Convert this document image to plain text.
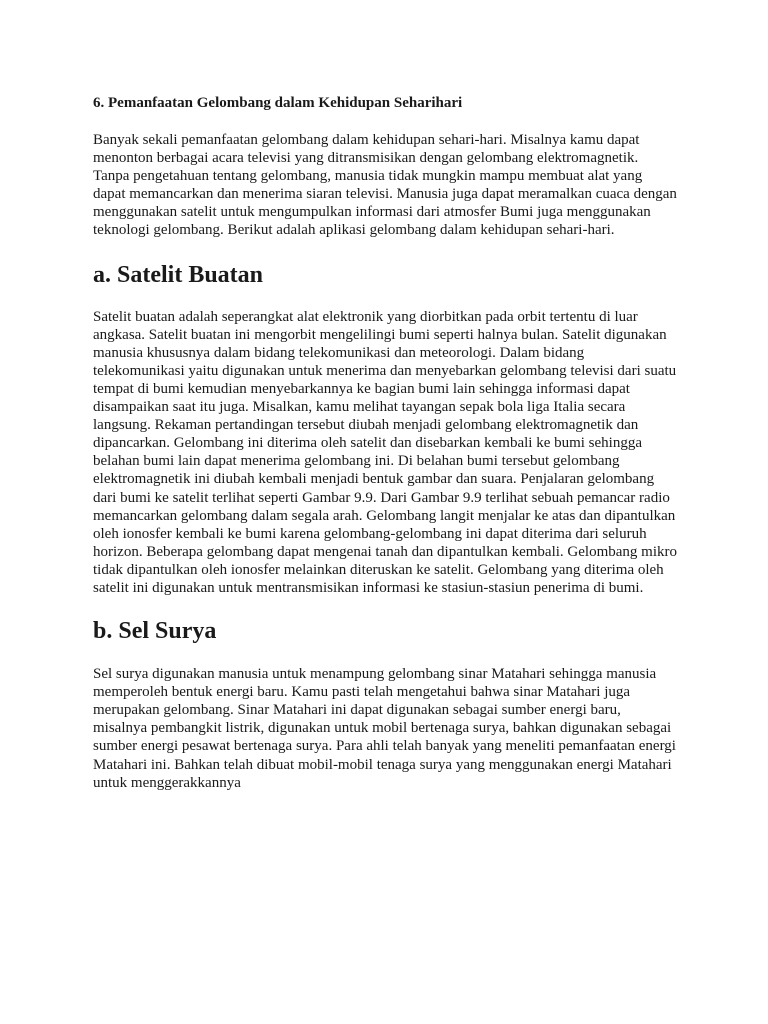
6. Pemanfaatan Gelombang dalam Kehidupan Seharihari

Banyak sekali pemanfaatan gelombang dalam kehidupan sehari-hari. Misalnya kamu dapat menonton berbagai acara televisi yang ditransmisikan dengan gelombang elektromagnetik. Tanpa pengetahuan tentang gelombang, manusia tidak mungkin mampu membuat alat yang dapat memancarkan dan menerima siaran televisi. Manusia juga dapat meramalkan cuaca dengan menggunakan satelit untuk mengumpulkan informasi dari atmosfer Bumi juga menggunakan teknologi gelombang. Berikut adalah aplikasi gelombang dalam kehidupan sehari-hari.

a. Satelit Buatan

Satelit buatan adalah seperangkat alat elektronik yang diorbitkan pada orbit tertentu di luar angkasa. Satelit buatan ini mengorbit mengelilingi bumi seperti halnya bulan. Satelit digunakan manusia khususnya dalam bidang telekomunikasi dan meteorologi. Dalam bidang telekomunikasi yaitu digunakan untuk menerima dan menyebarkan gelombang televisi dari suatu tempat di bumi kemudian menyebarkannya ke bagian bumi lain sehingga informasi dapat disampaikan saat itu juga. Misalkan, kamu melihat tayangan sepak bola liga Italia secara langsung. Rekaman pertandingan tersebut diubah menjadi gelombang elektromagnetik dan dipancarkan. Gelombang ini diterima oleh satelit dan disebarkan kembali ke bumi sehingga belahan bumi lain dapat menerima gelombang ini. Di belahan bumi tersebut gelombang elektromagnetik ini diubah kembali menjadi bentuk gambar dan suara. Penjalaran gelombang dari bumi ke satelit terlihat seperti Gambar 9.9. Dari Gambar 9.9 terlihat sebuah pemancar radio memancarkan gelombang dalam segala arah. Gelombang langit menjalar ke atas dan dipantulkan oleh ionosfer kembali ke bumi karena gelombang-gelombang ini dapat diterima dari seluruh horizon. Beberapa gelombang dapat mengenai tanah dan dipantulkan kembali. Gelombang mikro tidak dipantulkan oleh ionosfer melainkan diteruskan ke satelit. Gelombang yang diterima oleh satelit ini digunakan untuk mentransmisikan informasi ke stasiun-stasiun penerima di bumi.

b. Sel Surya

Sel surya digunakan manusia untuk menampung gelombang sinar Matahari sehingga manusia memperoleh bentuk energi baru. Kamu pasti telah mengetahui bahwa sinar Matahari juga merupakan gelombang. Sinar Matahari ini dapat digunakan sebagai sumber energi baru, misalnya pembangkit listrik, digunakan untuk mobil bertenaga surya, bahkan digunakan sebagai sumber energi pesawat bertenaga surya. Para ahli telah banyak yang meneliti pemanfaatan energi Matahari ini. Bahkan telah dibuat mobil-mobil tenaga surya yang menggunakan energi Matahari untuk menggerakkannya
